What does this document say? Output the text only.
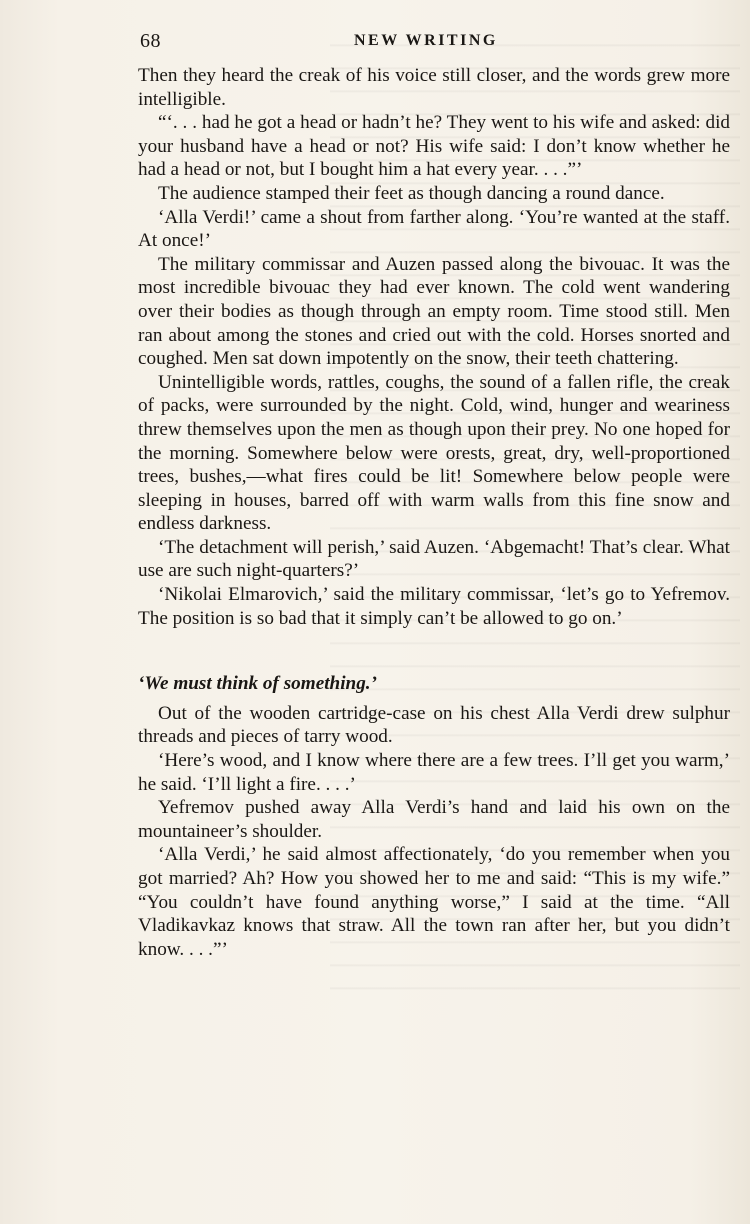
68	NEW WRITING

Then they heard the creak of his voice still closer, and the words grew more intelligible.

“‘. . . had he got a head or hadn’t he? They went to his wife and asked: did your husband have a head or not? His wife said: I don’t know whether he had a head or not, but I bought him a hat every year. . . .”’

The audience stamped their feet as though dancing a round dance.

‘Alla Verdi!’ came a shout from farther along. ‘You’re wanted at the staff. At once!’

The military commissar and Auzen passed along the bivouac. It was the most incredible bivouac they had ever known. The cold went wandering over their bodies as though through an empty room. Time stood still. Men ran about among the stones and cried out with the cold. Horses snorted and coughed. Men sat down impotently on the snow, their teeth chattering.

Unintelligible words, rattles, coughs, the sound of a fallen rifle, the creak of packs, were surrounded by the night. Cold, wind, hunger and weariness threw themselves upon the men as though upon their prey. No one hoped for the morning. Somewhere below were orests, great, dry, well-proportioned trees, bushes,—what fires could be lit! Somewhere below people were sleeping in houses, barred off with warm walls from this fine snow and endless darkness.

‘The detachment will perish,’ said Auzen. ‘Abgemacht! That’s clear. What use are such night-quarters?’

‘Nikolai Elmarovich,’ said the military commissar, ‘let’s go to Yefremov. The position is so bad that it simply can’t be allowed to go on.’

‘We must think of something.’

Out of the wooden cartridge-case on his chest Alla Verdi drew sulphur threads and pieces of tarry wood.

‘Here’s wood, and I know where there are a few trees. I’ll get you warm,’ he said. ‘I’ll light a fire. . . .’

Yefremov pushed away Alla Verdi’s hand and laid his own on the mountaineer’s shoulder.

‘Alla Verdi,’ he said almost affectionately, ‘do you remember when you got married? Ah? How you showed her to me and said: “This is my wife.” “You couldn’t have found anything worse,” I said at the time. “All Vladikavkaz knows that straw. All the town ran after her, but you didn’t know. . . .”’
